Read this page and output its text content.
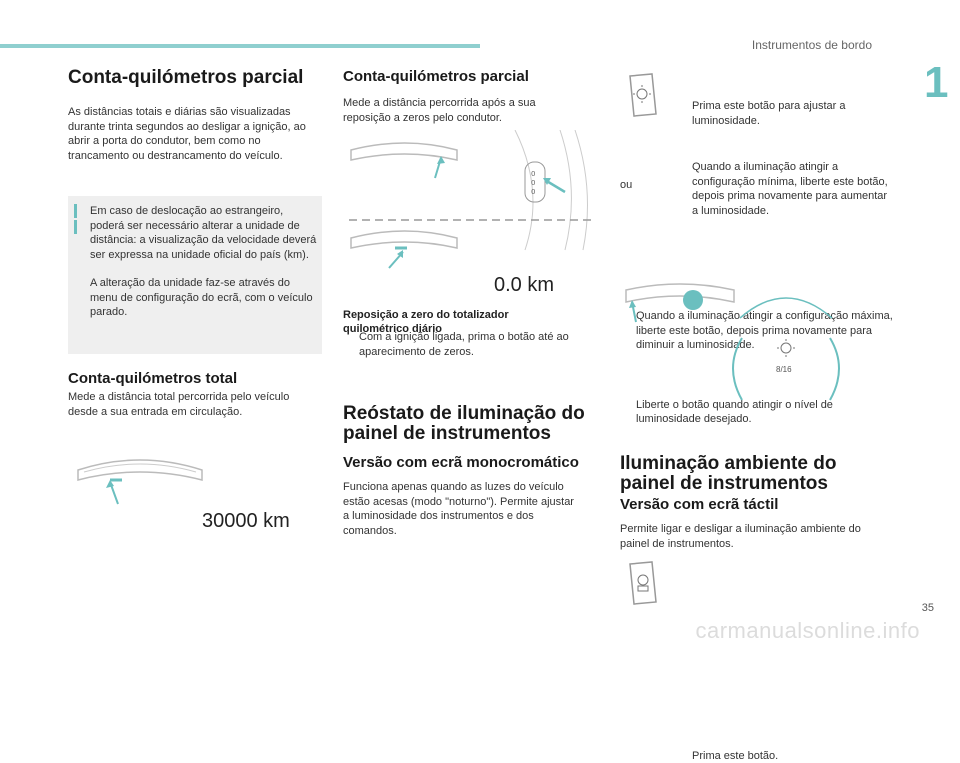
Instrumentos de bordo
1
Conta-quilómetros parcial

As distâncias totais e diárias são visualizadas durante trinta segundos ao desligar a ignição, ao abrir a porta do condutor, bem como no trancamento ou destrancamento do veículo.

Em caso de deslocação ao estrangeiro, poderá ser necessário alterar a unidade de distância: a visualização da velocidade deverá ser expressa na unidade oficial do país (km).

A alteração da unidade faz-se através do menu de configuração do ecrã, com o veículo parado.

Conta-quilómetros total

Mede a distância total percorrida pelo veículo desde a sua entrada em circulação.

30000 km
Conta-quilómetros parcial

Mede a distância percorrida após a sua reposição a zeros pelo condutor.

0
0
0
0.0 km

Reposição a zero do totalizador quilométrico diário

Com a ignição ligada, prima o botão até ao aparecimento de zeros.
Reóstato de iluminação do painel de instrumentos
Versão com ecrã monocromático

Funciona apenas quando as luzes do veículo estão acesas (modo "noturno"). Permite ajustar a luminosidade dos instrumentos e dos comandos.

Prima este botão para ajustar a luminosidade.
Quando a iluminação atingir a configuração mínima, liberte este botão, depois prima novamente para aumentar a luminosidade.

ou

Quando a iluminação atingir a configuração máxima, liberte este botão, depois prima novamente para diminuir a luminosidade.
Liberte o botão quando atingir o nível de luminosidade desejado.
8/16
Iluminação ambiente do painel de instrumentos
Versão com ecrã táctil

Permite ligar e desligar a iluminação ambiente do painel de instrumentos.

Prima este botão.
35
carmanualsonline.info
